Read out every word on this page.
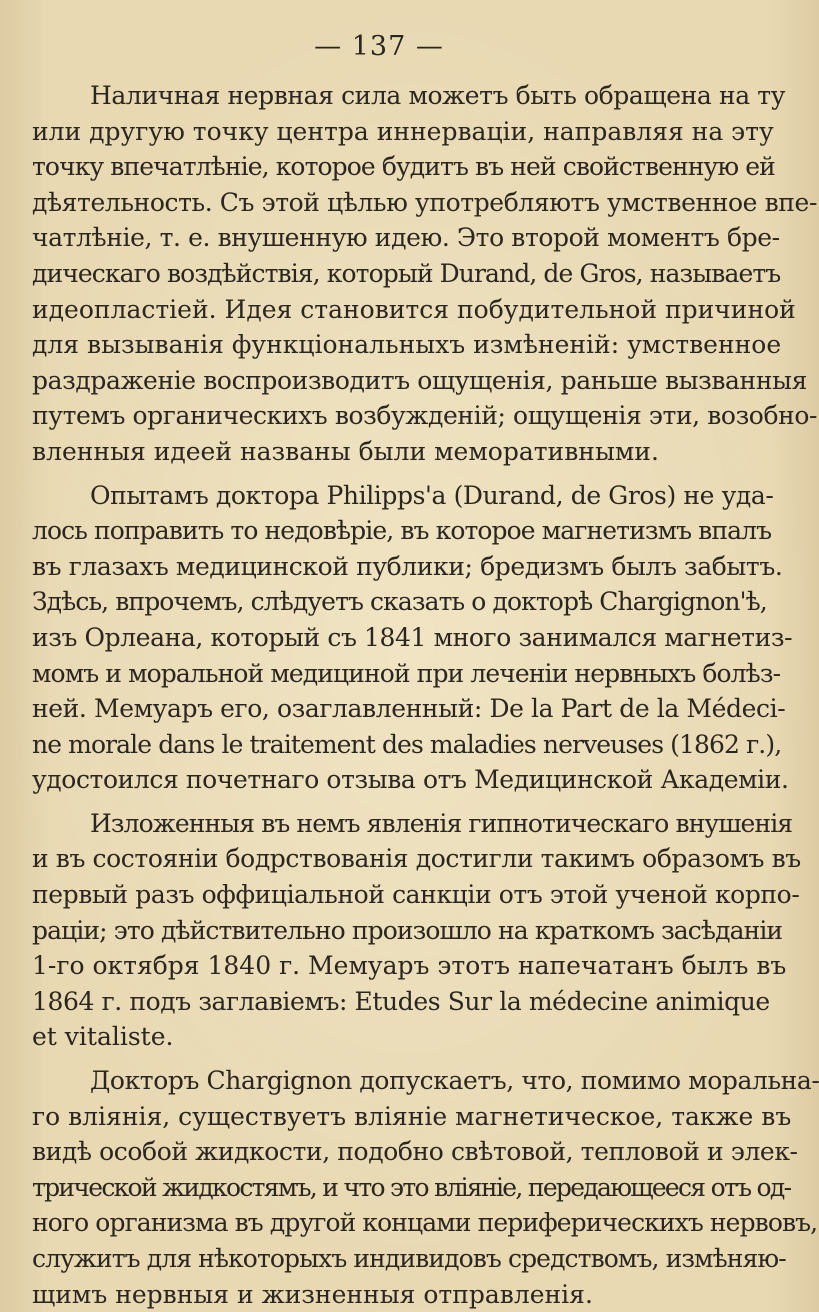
— 137 —
Наличная нервная сила можетъ быть обращена на ту
или другую точку центра иннерваціи, направляя на эту
точку впечатлѣніе, которое будитъ въ ней свойственную ей
дѣятельность. Съ этой цѣлью употребляютъ умственное впе-
чатлѣніе, т. е. внушенную идею. Это второй моментъ бре-
дическаго воздѣйствія, который Durand, de Gros, называетъ
идеопластіей. Идея становится побудительной причиной
для вызыванія функціональныхъ измѣненій: умственное
раздраженіе воспроизводитъ ощущенія, раньше вызванныя
путемъ органическихъ возбужденій; ощущенія эти, возобно-
вленныя идеей названы были меморативными.
Опытамъ доктора Philipps'a (Durand, de Gros) не уда-
лось поправить то недовѣріе, въ которое магнетизмъ впалъ
въ глазахъ медицинской публики; бредизмъ былъ забытъ.
Здѣсь, впрочемъ, слѣдуетъ сказать о докторѣ Chargignon'ѣ,
изъ Орлеана, который съ 1841 много занимался магнетиз-
момъ и моральной медициной при леченіи нервныхъ болѣз-
ней. Мемуаръ его, озаглавленный: De la Part de la Médeci-
ne morale dans le traitement des maladies nerveuses (1862 г.),
удостоился почетнаго отзыва отъ Медицинской Академіи.
Изложенныя въ немъ явленія гипнотическаго внушенія
и въ состояніи бодрствованія достигли такимъ образомъ въ
первый разъ оффиціальной санкціи отъ этой ученой корпо-
раціи; это дѣйствительно произошло на краткомъ засѣданіи
1-го октября 1840 г. Мемуаръ этотъ напечатанъ былъ въ
1864 г. подъ заглавіемъ: Etudes Sur la médecine animique
et vitaliste.
Докторъ Chargignon допускаетъ, что, помимо моральна-
го вліянія, существуетъ вліяніе магнетическое, также въ
видѣ особой жидкости, подобно свѣтовой, тепловой и элек-
трической жидкостямъ, и что это вліяніе, передающееся отъ од-
ного организма въ другой концами периферическихъ нервовъ,
служитъ для нѣкоторыхъ индивидовъ средствомъ, измѣняю-
щимъ нервныя и жизненныя отправленія.
